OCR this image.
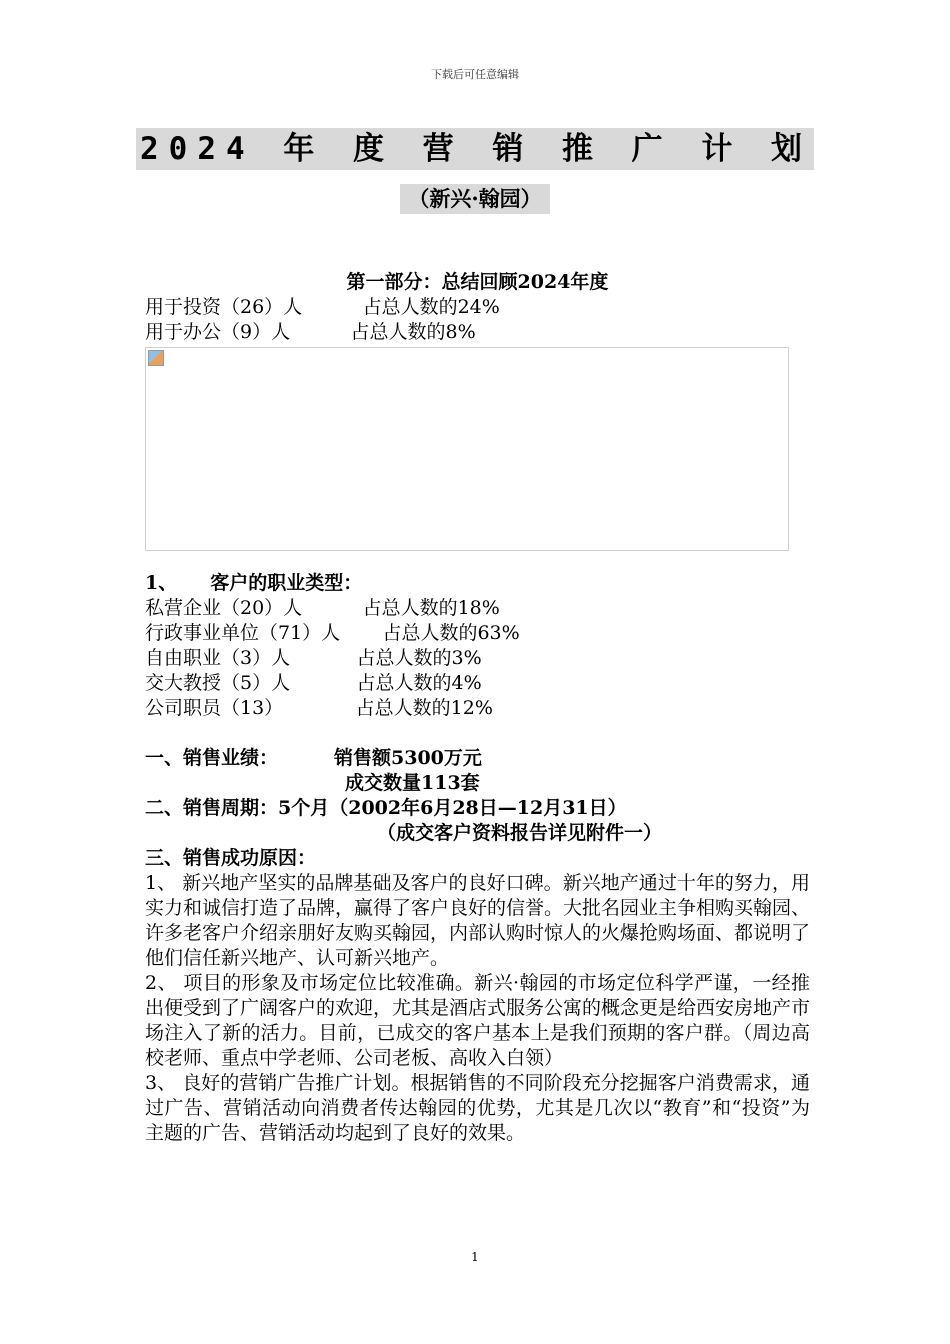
下载后可任意编辑
2024 年 度 营 销 推 广 计 划
（新兴·翰园）

第一部分：总结回顾2024年度

用于投资（26）人          占总人数的24%

用于办公（9）人          占总人数的8%

1、     客户的职业类型：

私营企业（20）人          占总人数的18%

行政事业单位（71）人       占总人数的63%

自由职业（3）人           占总人数的3%

交大教授（5）人           占总人数的4%

公司职员（13）            占总人数的12%

一、销售业绩：	销售额5300万元

成交数量113套

二、销售周期：5个月（2002年6月28日—12月31日）

（成交客户资料报告详见附件一）

三、销售成功原因：

1、 新兴地产坚实的品牌基础及客户的良好口碑。新兴地产通过十年的努力，用实力和诚信打造了品牌，赢得了客户良好的信誉。大批名园业主争相购买翰园、许多老客户介绍亲朋好友购买翰园，内部认购时惊人的火爆抢购场面、都说明了他们信任新兴地产、认可新兴地产。

2、 项目的形象及市场定位比较准确。新兴·翰园的市场定位科学严谨，一经推出便受到了广阔客户的欢迎，尤其是酒店式服务公寓的概念更是给西安房地产市场注入了新的活力。目前，已成交的客户基本上是我们预期的客户群。（周边高校老师、重点中学老师、公司老板、高收入白领）

3、 良好的营销广告推广计划。根据销售的不同阶段充分挖掘客户消费需求，通过广告、营销活动向消费者传达翰园的优势，尤其是几次以“教育”和“投资”为主题的广告、营销活动均起到了良好的效果。

1
